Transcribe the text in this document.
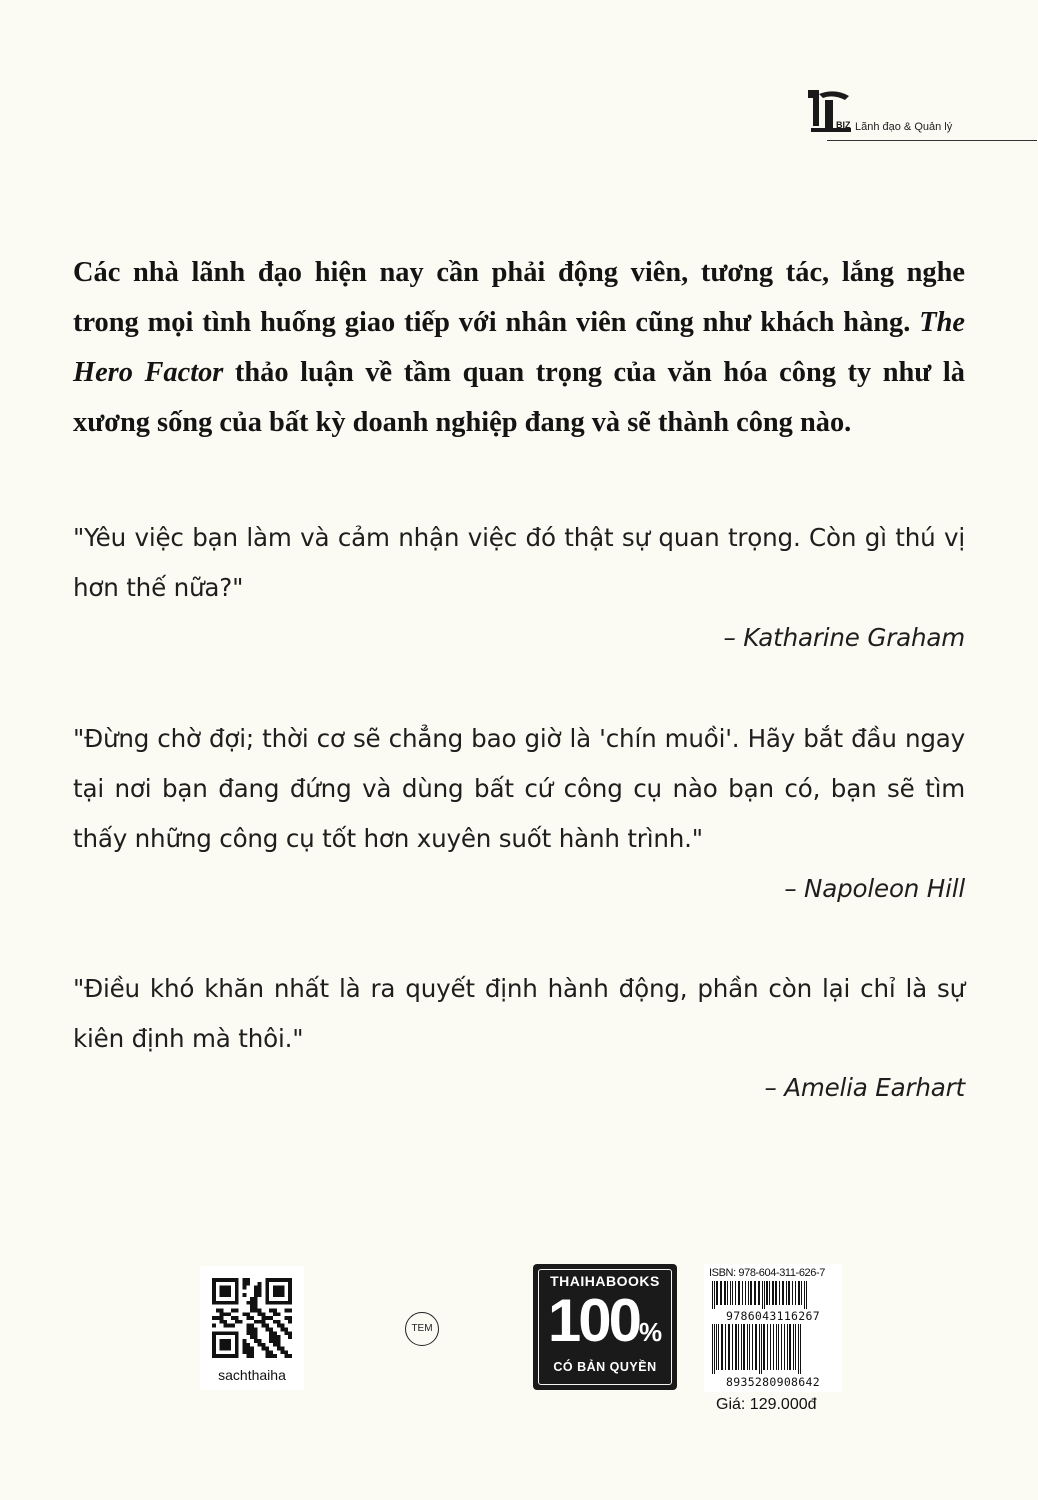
BIZ Lãnh đạo & Quản lý

Các nhà lãnh đạo hiện nay cần phải động viên, tương tác, lắng nghe trong mọi tình huống giao tiếp với nhân viên cũng như khách hàng. The Hero Factor thảo luận về tầm quan trọng của văn hóa công ty như là xương sống của bất kỳ doanh nghiệp đang và sẽ thành công nào.

"Yêu việc bạn làm và cảm nhận việc đó thật sự quan trọng. Còn gì thú vị hơn thế nữa?"

– Katharine Graham

"Đừng chờ đợi; thời cơ sẽ chẳng bao giờ là 'chín muồi'. Hãy bắt đầu ngay tại nơi bạn đang đứng và dùng bất cứ công cụ nào bạn có, bạn sẽ tìm thấy những công cụ tốt hơn xuyên suốt hành trình."

– Napoleon Hill

"Điều khó khăn nhất là ra quyết định hành động, phần còn lại chỉ là sự kiên định mà thôi."

– Amelia Earhart

sachthaiha
TEM
THAIHABOOKS
100%
CÓ BẢN QUYỀN
ISBN: 978-604-311-626-7
9786043116267
8935280908642
Giá: 129.000đ
